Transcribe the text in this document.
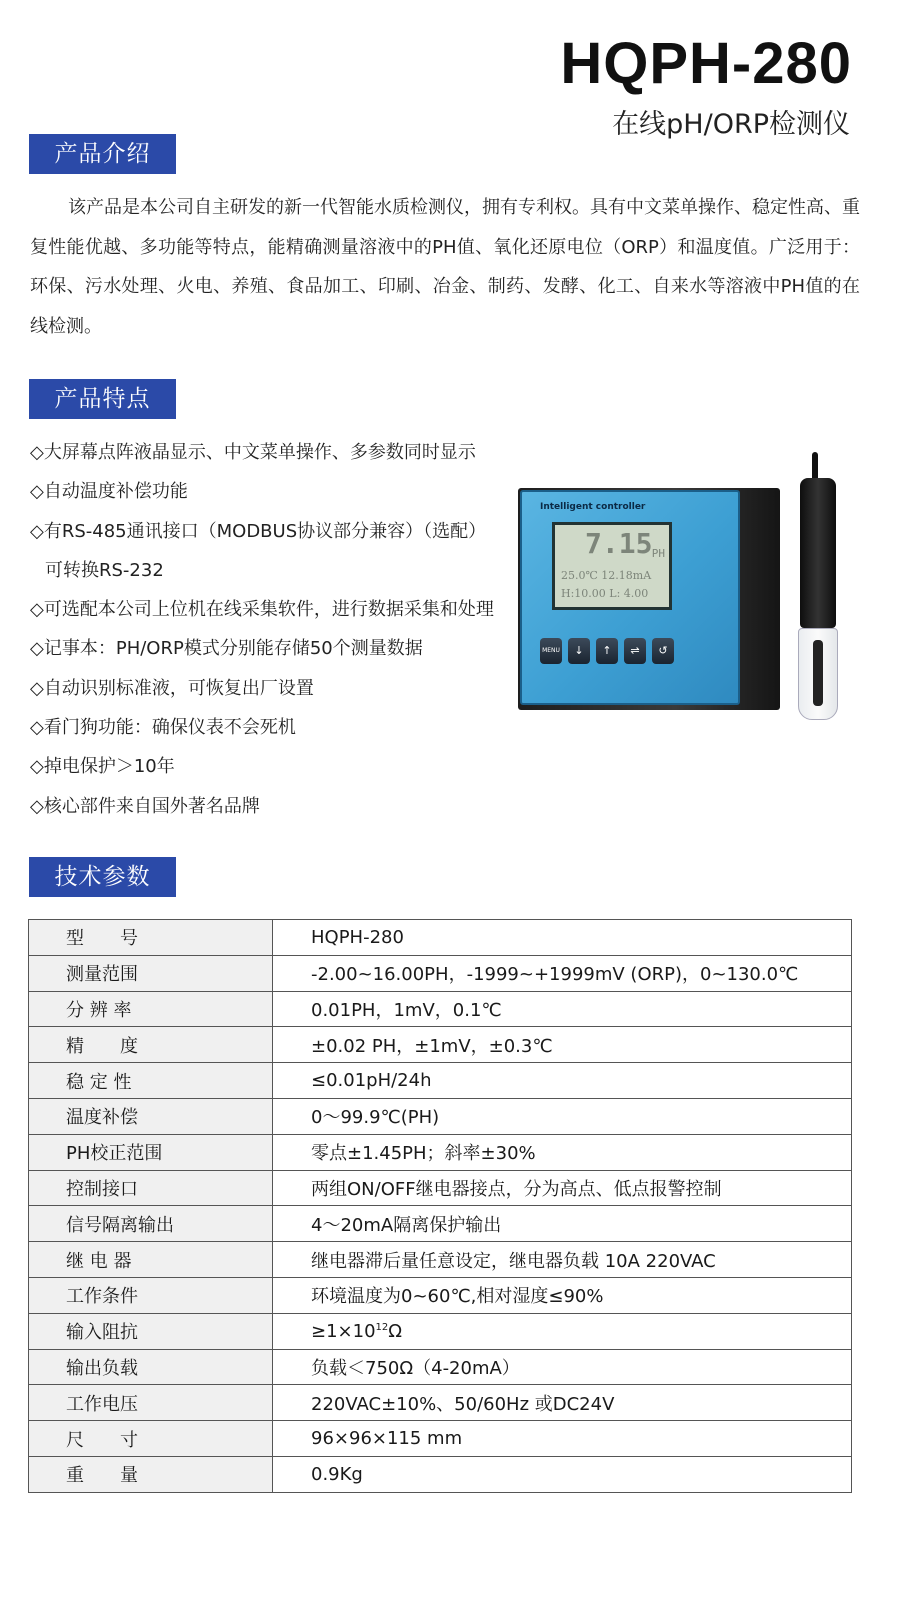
HQPH-280
在线pH/ORP检测仪
产品介绍

该产品是本公司自主研发的新一代智能水质检测仪，拥有专利权。具有中文菜单操作、稳定性高、重复性能优越、多功能等特点，能精确测量溶液中的PH值、氧化还原电位（ORP）和温度值。广泛用于：环保、污水处理、火电、养殖、食品加工、印刷、冶金、制药、发酵、化工、自来水等溶液中PH值的在线检测。

产品特点
◇大屏幕点阵液晶显示、中文菜单操作、多参数同时显示
◇自动温度补偿功能
◇有RS-485通讯接口（MODBUS协议部分兼容）（选配）
可转换RS-232
◇可选配本公司上位机在线采集软件，进行数据采集和处理
◇记事本：PH/ORP模式分别能存储50个测量数据
◇自动识别标准液，可恢复出厂设置
◇看门狗功能：确保仪表不会死机
◇掉电保护＞10年
◇核心部件来自国外著名品牌
Intelligent controller
7.15 PH
25.0℃ 12.18mA
H:10.00 L: 4.00
MENU	↓	↑	⇌	↺
技术参数
型　　号	HQPH-280
测量范围	-2.00~16.00PH，-1999~+1999mV (ORP)，0~130.0℃
分 辨 率	0.01PH，1mV，0.1℃
精　　度	±0.02 PH，±1mV，±0.3℃
稳 定 性	≤0.01pH/24h
温度补偿	0～99.9℃(PH)
PH校正范围	零点±1.45PH；斜率±30%
控制接口	两组ON/OFF继电器接点，分为高点、低点报警控制
信号隔离输出	4～20mA隔离保护输出
继 电 器	继电器滞后量任意设定，继电器负载 10A 220VAC
工作条件	环境温度为0~60℃,相对湿度≤90%
输入阻抗	$\ge 1\times 10^{12}\Omega$
输出负载	负载＜750Ω（4-20mA）
工作电压	220VAC±10%、50/60Hz 或DC24V
尺　　寸	96×96×115 mm
重　　量	0.9Kg
